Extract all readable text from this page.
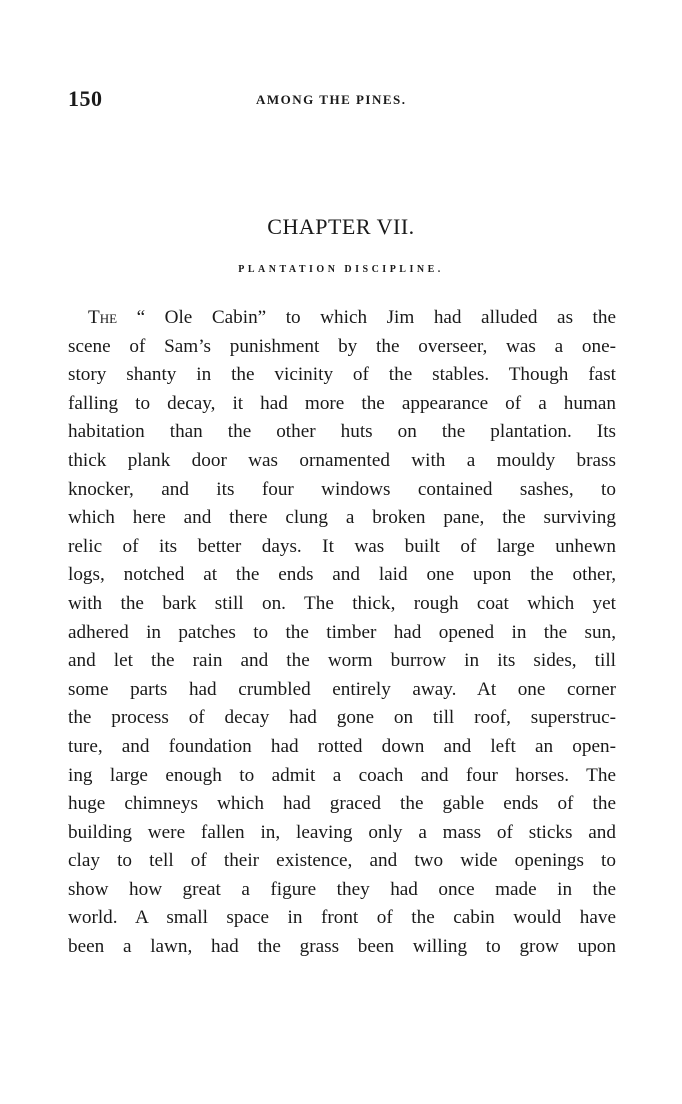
150	AMONG THE PINES.
CHAPTER VII.
PLANTATION DISCIPLINE.
The “ Ole Cabin” to which Jim had alluded as the
scene of Sam’s punishment by the overseer, was a one-
story shanty in the vicinity of the stables. Though fast
falling to decay, it had more the appearance of a human
habitation than the other huts on the plantation. Its
thick plank door was ornamented with a mouldy brass
knocker, and its four windows contained sashes, to
which here and there clung a broken pane, the surviving
relic of its better days. It was built of large unhewn
logs, notched at the ends and laid one upon the other,
with the bark still on. The thick, rough coat which yet
adhered in patches to the timber had opened in the sun,
and let the rain and the worm burrow in its sides, till
some parts had crumbled entirely away. At one corner
the process of decay had gone on till roof, superstruc-
ture, and foundation had rotted down and left an open-
ing large enough to admit a coach and four horses. The
huge chimneys which had graced the gable ends of the
building were fallen in, leaving only a mass of sticks and
clay to tell of their existence, and two wide openings to
show how great a figure they had once made in the
world. A small space in front of the cabin would have
been a lawn, had the grass been willing to grow upon
